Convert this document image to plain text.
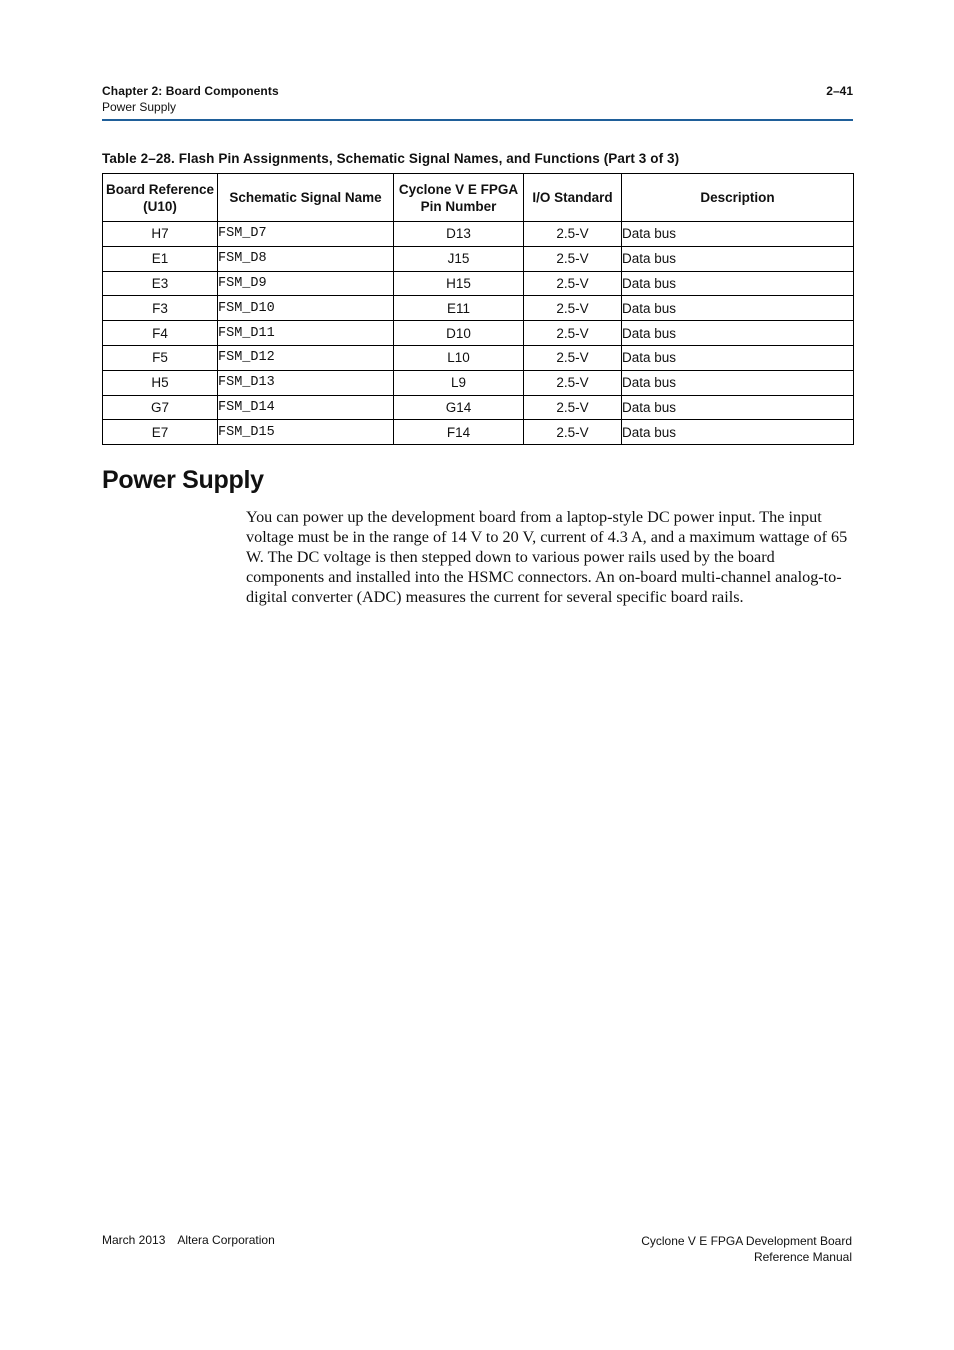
Chapter 2: Board Components
Power Supply
2–41
Table 2–28. Flash Pin Assignments, Schematic Signal Names, and Functions (Part 3 of 3)
Board Reference (U10)	Schematic Signal Name	Cyclone V E FPGA Pin Number	I/O Standard	Description
H7	FSM_D7	D13	2.5-V	Data bus
E1	FSM_D8	J15	2.5-V	Data bus
E3	FSM_D9	H15	2.5-V	Data bus
F3	FSM_D10	E11	2.5-V	Data bus
F4	FSM_D11	D10	2.5-V	Data bus
F5	FSM_D12	L10	2.5-V	Data bus
H5	FSM_D13	L9	2.5-V	Data bus
G7	FSM_D14	G14	2.5-V	Data bus
E7	FSM_D15	F14	2.5-V	Data bus
Power Supply

You can power up the development board from a laptop-style DC power input. The input voltage must be in the range of 14 V to 20 V, current of 4.3 A, and a maximum wattage of 65 W. The DC voltage is then stepped down to various power rails used by the board components and installed into the HSMC connectors. An on-board multi-channel analog-to-digital converter (ADC) measures the current for several specific board rails.

March 2013 Altera Corporation	Cyclone V E FPGA Development Board
Reference Manual
